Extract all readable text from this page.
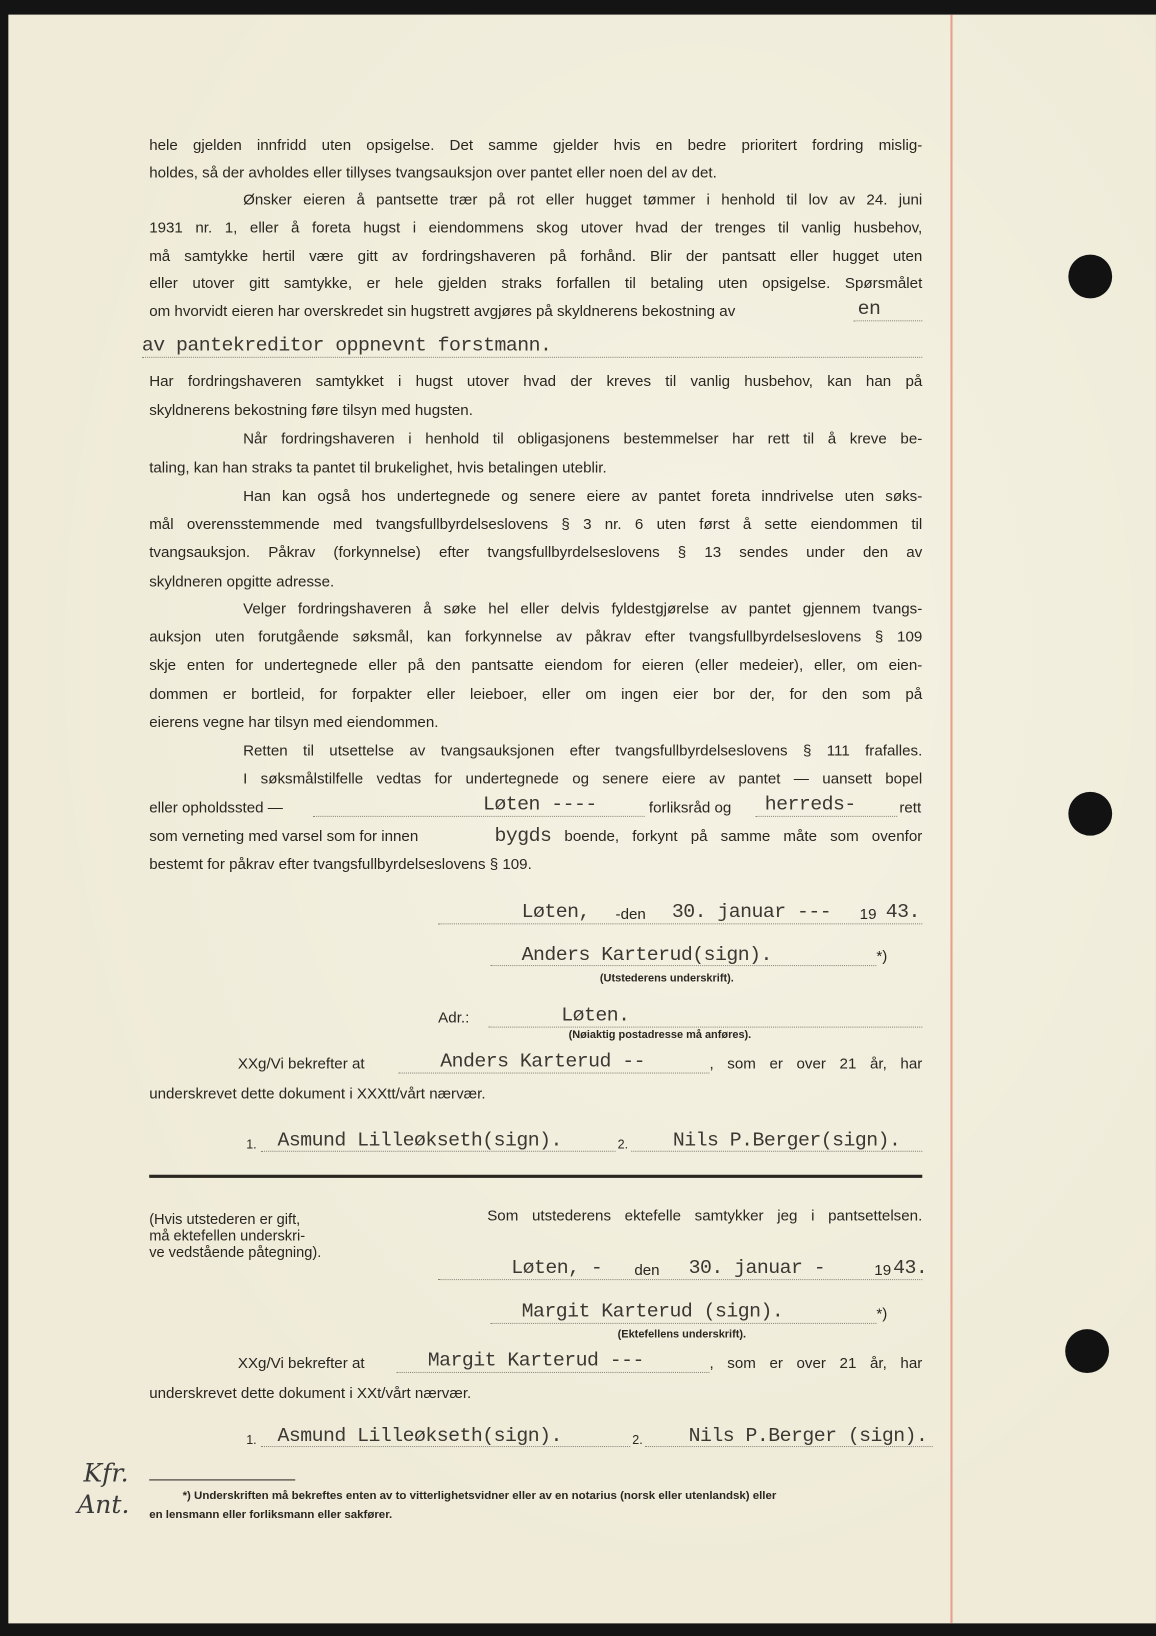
hele gjelden innfridd uten opsigelse. Det samme gjelder hvis en bedre prioritert fordring mislig-
holdes, så der avholdes eller tillyses tvangsauksjon over pantet eller noen del av det.
Ønsker eieren å pantsette trær på rot eller hugget tømmer i henhold til lov av 24. juni
1931 nr. 1, eller å foreta hugst i eiendommens skog utover hvad der trenges til vanlig husbehov,
må samtykke hertil være gitt av fordringshaveren på forhånd. Blir der pantsatt eller hugget uten
eller utover gitt samtykke, er hele gjelden straks forfallen til betaling uten opsigelse. Spørsmålet
om hvorvidt eieren har overskredet sin hugstrett avgjøres på skyldnerens bekostning av	en
av pantekreditor oppnevnt forstmann.
Har fordringshaveren samtykket i hugst utover hvad der kreves til vanlig husbehov, kan han på
skyldnerens bekostning føre tilsyn med hugsten.
Når fordringshaveren i henhold til obligasjonens bestemmelser har rett til å kreve be-
taling, kan han straks ta pantet til brukelighet, hvis betalingen uteblir.
Han kan også hos undertegnede og senere eiere av pantet foreta inndrivelse uten søks-
mål overensstemmende med tvangsfullbyrdelseslovens § 3 nr. 6 uten først å sette eiendommen til
tvangsauksjon. Påkrav (forkynnelse) efter tvangsfullbyrdelseslovens § 13 sendes under den av
skyldneren opgitte adresse.
Velger fordringshaveren å søke hel eller delvis fyldestgjørelse av pantet gjennem tvangs-
auksjon uten forutgående søksmål, kan forkynnelse av påkrav efter tvangsfullbyrdelseslovens § 109
skje enten for undertegnede eller på den pantsatte eiendom for eieren (eller medeier), eller, om eien-
dommen er bortleid, for forpakter eller leieboer, eller om ingen eier bor der, for den som på
eierens vegne har tilsyn med eiendommen.
Retten til utsettelse av tvangsauksjonen efter tvangsfullbyrdelseslovens § 111 frafalles.
I søksmålstilfelle vedtas for undertegnede og senere eiere av pantet — uansett bopel
eller opholdssted —	Løten ----	forliksråd og herreds-	rett
som verneting med varsel som for innen	bygds boende, forkynt på samme måte som ovenfor
bestemt for påkrav efter tvangsfullbyrdelseslovens § 109.
Løten, -den 30. januar --- 19 43.
Anders Karterud(sign).	*)
(Utstederens underskrift).
Adr.:	Løten.
(Nøiaktig postadresse må anføres).
XXg/Vi bekrefter at	Anders Karterud --	, som er over 21 år, har
underskrevet dette dokument i XXXtt/vårt nærvær.
1. Asmund Lilleøkseth(sign).	2. Nils P.Berger(sign).
(Hvis utstederen er gift,
må ektefellen underskri-
ve vedstående påtegning).
Som utstederens ektefelle samtykker jeg i pantsettelsen.
Løten, - den 30. januar -	19 43.
Margit Karterud (sign).	*)
(Ektefellens underskrift).
XXg/Vi bekrefter at	Margit Karterud ---	, som er over 21 år, har
underskrevet dette dokument i XXt/vårt nærvær.
1. Asmund Lilleøkseth(sign).	2. Nils P.Berger (sign).
*) Underskriften må bekreftes enten av to vitterlighetsvidner eller av en notarius (norsk eller utenlandsk) eller
en lensmann eller forliksmann eller sakfører.
Kfr.
Ant.
